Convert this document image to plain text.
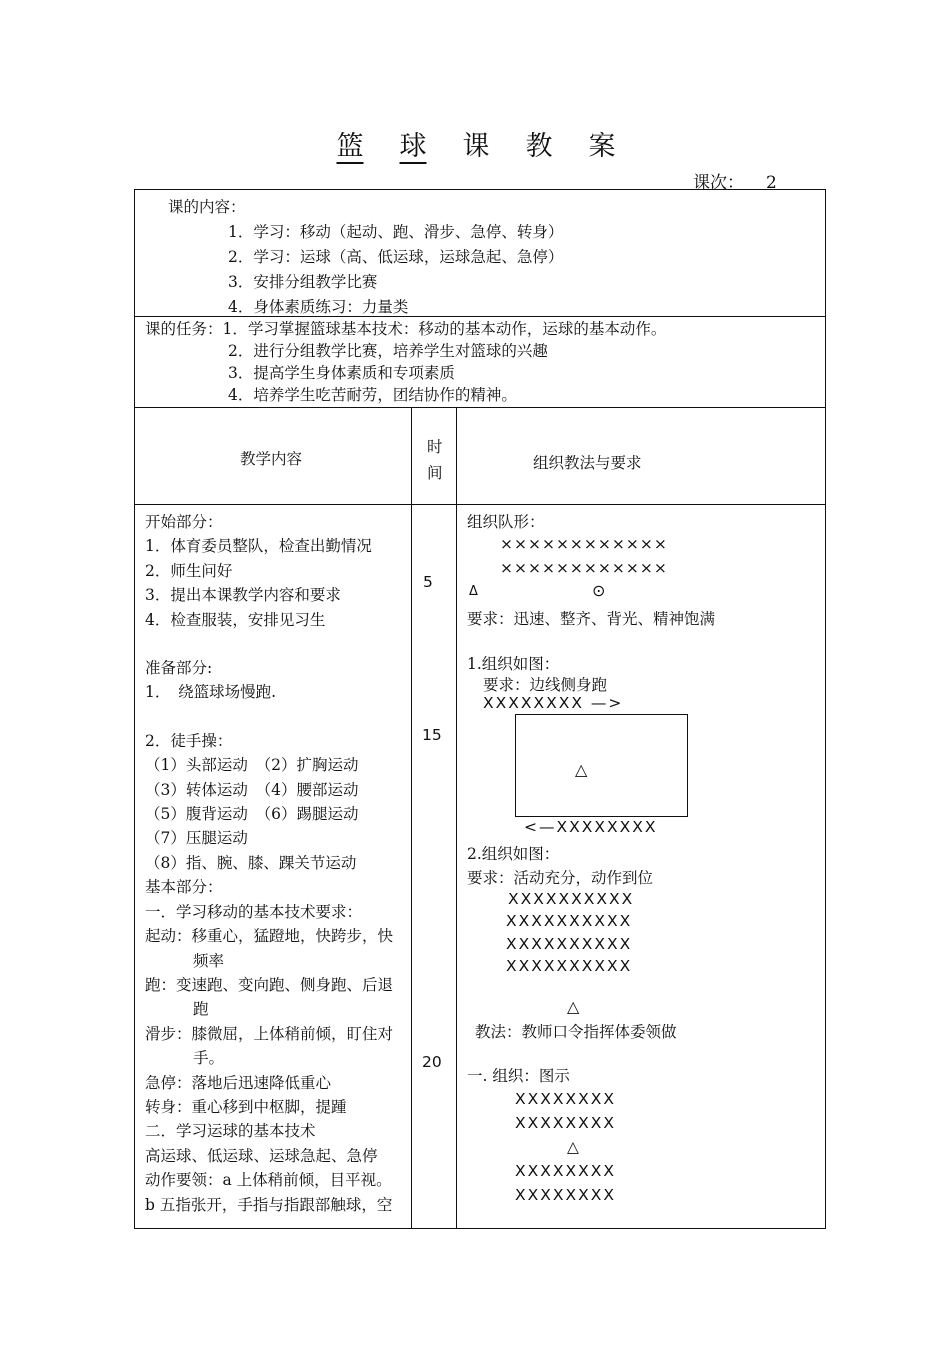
篮 球 课 教 案
课次： 2
课的内容：
1．学习：移动（起动、跑、滑步、急停、转身）
2．学习：运球（高、低运球，运球急起、急停）
3．安排分组教学比赛
4．身体素质练习：力量类
课的任务：1．学习掌握篮球基本技术：移动的基本动作，运球的基本动作。
2．进行分组教学比赛，培养学生对篮球的兴趣
3．提高学生身体素质和专项素质
4．培养学生吃苦耐劳，团结协作的精神。
教学内容
时
间
组织教法与要求
开始部分：
1．体育委员整队，检查出勤情况
2．师生问好
3．提出本课教学内容和要求
4．检查服装，安排见习生
准备部分:
1．　绕篮球场慢跑.
2．徒手操：
（1）头部运动　（2）扩胸运动
（3）转体运动　（4）腰部运动
（5）腹背运动　（6）踢腿运动
（7）压腿运动
（8）指、腕、膝、踝关节运动
基本部分：
一．学习移动的基本技术要求：
起动：移重心，猛蹬地，快跨步，快
频率
跑：变速跑、变向跑、侧身跑、后退
跑
滑步：膝微屈，上体稍前倾，盯住对
手。
急停：落地后迅速降低重心
转身：重心移到中枢脚，提踵
二．学习运球的基本技术
高运球、低运球、运球急起、急停
动作要领：a 上体稍前倾，目平视。
b 五指张开，手指与指跟部触球，空
5
15
20
组织队形：
××××××××××××
××××××××××××
Δ	⊙
要求：迅速、整齐、背光、精神饱满
1.组织如图：
要求：边线侧身跑
XXXXXXXX —>
△
<—XXXXXXXX
2.组织如图：
要求：活动充分，动作到位
XXXXXXXXXX
XXXXXXXXXX
XXXXXXXXXX
XXXXXXXXXX
△
教法：教师口令指挥体委领做
一. 组织：图示
XXXXXXXX
XXXXXXXX
△
XXXXXXXX
XXXXXXXX
